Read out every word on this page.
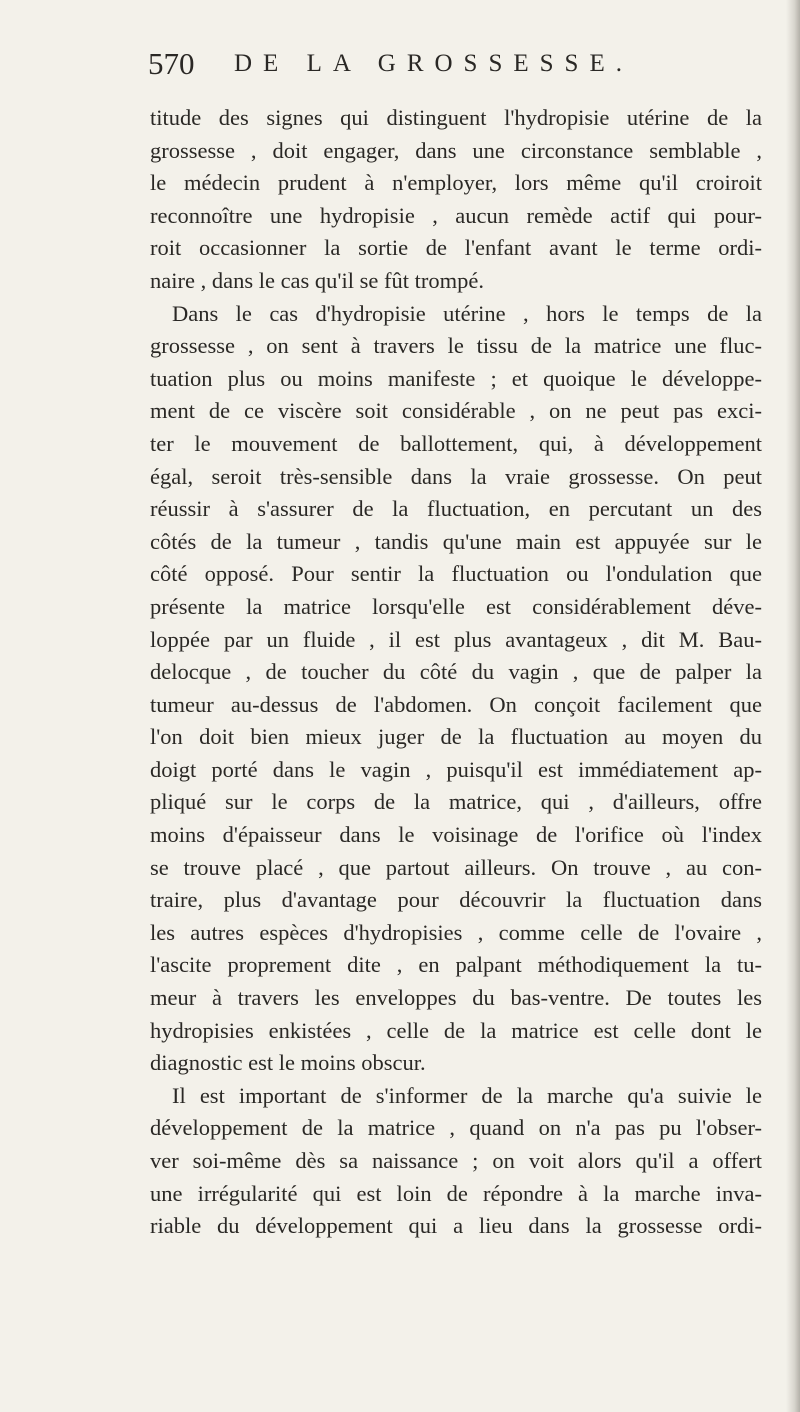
570 DE LA GROSSESSE.
titude des signes qui distinguent l'hydropisie utérine de la
grossesse , doit engager, dans une circonstance semblable ,
le médecin prudent à n'employer, lors même qu'il croiroit
reconnoître une hydropisie , aucun remède actif qui pour-
roit occasionner la sortie de l'enfant avant le terme ordi-
naire , dans le cas qu'il se fût trompé.
Dans le cas d'hydropisie utérine , hors le temps de la
grossesse , on sent à travers le tissu de la matrice une fluc-
tuation plus ou moins manifeste ; et quoique le développe-
ment de ce viscère soit considérable , on ne peut pas exci-
ter le mouvement de ballottement, qui, à développement
égal, seroit très-sensible dans la vraie grossesse. On peut
réussir à s'assurer de la fluctuation, en percutant un des
côtés de la tumeur , tandis qu'une main est appuyée sur le
côté opposé. Pour sentir la fluctuation ou l'ondulation que
présente la matrice lorsqu'elle est considérablement déve-
loppée par un fluide , il est plus avantageux , dit M. Bau-
delocque , de toucher du côté du vagin , que de palper la
tumeur au-dessus de l'abdomen. On conçoit facilement que
l'on doit bien mieux juger de la fluctuation au moyen du
doigt porté dans le vagin , puisqu'il est immédiatement ap-
pliqué sur le corps de la matrice, qui , d'ailleurs, offre
moins d'épaisseur dans le voisinage de l'orifice où l'index
se trouve placé , que partout ailleurs. On trouve , au con-
traire, plus d'avantage pour découvrir la fluctuation dans
les autres espèces d'hydropisies , comme celle de l'ovaire ,
l'ascite proprement dite , en palpant méthodiquement la tu-
meur à travers les enveloppes du bas-ventre. De toutes les
hydropisies enkistées , celle de la matrice est celle dont le
diagnostic est le moins obscur.
Il est important de s'informer de la marche qu'a suivie le
développement de la matrice , quand on n'a pas pu l'obser-
ver soi-même dès sa naissance ; on voit alors qu'il a offert
une irrégularité qui est loin de répondre à la marche inva-
riable du développement qui a lieu dans la grossesse ordi-
